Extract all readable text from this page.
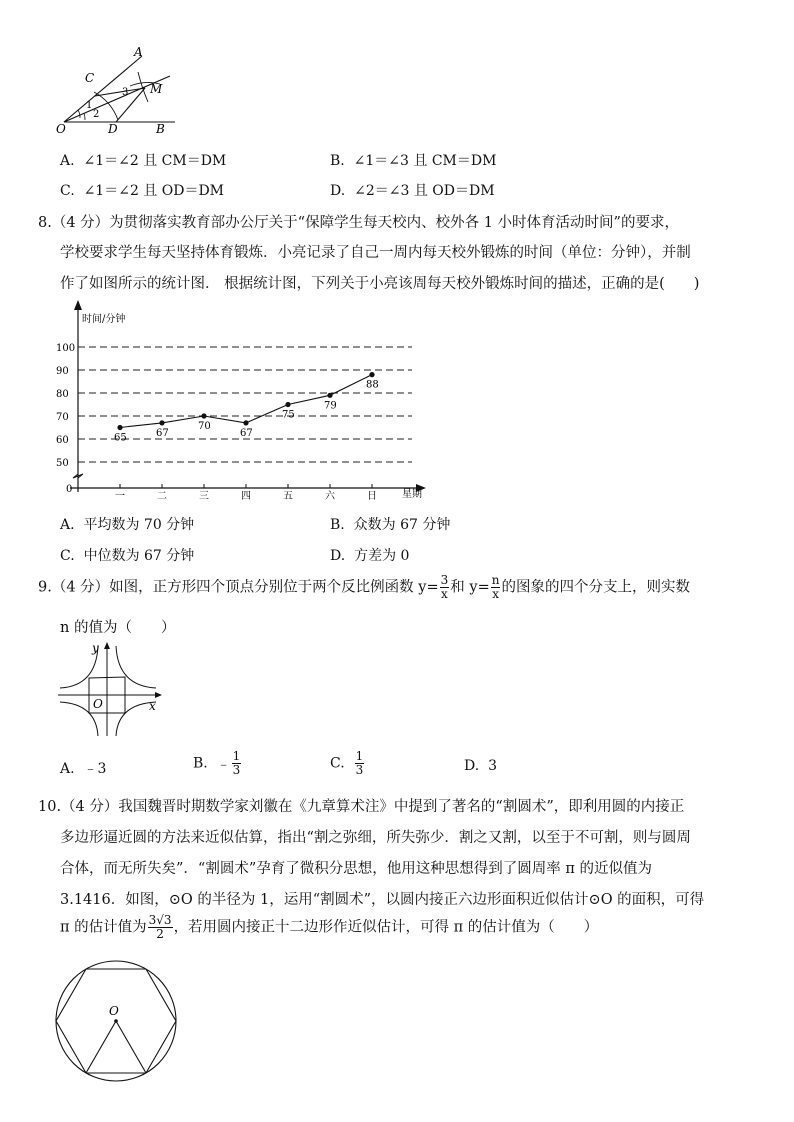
A
C
M
O	D	B
1
2
3
A. ∠1＝∠2 且 CM＝DM	B. ∠1＝∠3 且 CM＝DM
C. ∠1＝∠2 且 OD＝DM	D. ∠2＝∠3 且 OD＝DM
8.（4 分）为贯彻落实教育部办公厅关于“保障学生每天校内、校外各 1 小时体育活动时间”的要求，
学校要求学生每天坚持体育锻炼．小亮记录了自己一周内每天校外锻炼的时间（单位：分钟），并制
作了如图所示的统计图． 根据统计图，下列关于小亮该周每天校外锻炼时间的描述，正确的是(　　)
时间/分钟
星期
0
50
60
70
80
90
100
65	67
70
67
75
79
88
一	二	三	四	五	六	日
A. 平均数为 70 分钟	B. 众数为 67 分钟
C. 中位数为 67 分钟	D. 方差为 0
9.（4 分）如图，正方形四个顶点分别位于两个反比例函数 $y= \frac{3}{x}$ 和 $y= \frac{n}{x}$ 的图象的四个分支上，则实数
n 的值为（　　）
y
x
O
A. ﹣3	B. ﹣ $\frac{1}{3}$	C. $\frac{1}{3}$	D. 3
10.（4 分）我国魏晋时期数学家刘徽在《九章算术注》中提到了著名的“割圆术”，即利用圆的内接正
多边形逼近圆的方法来近似估算，指出“割之弥细，所失弥少．割之又割，以至于不可割，则与圆周
合体，而无所失矣”．“割圆术”孕育了微积分思想，他用这种思想得到了圆周率 π 的近似值为
3.1416．如图，⊙O 的半径为 1，运用“割圆术”，以圆内接正六边形面积近似估计⊙O 的面积，可得
π 的估计值为 $\frac{3√3}{2}$ ，若用圆内接正十二边形作近似估计，可得 π 的估计值为（　　）
O
